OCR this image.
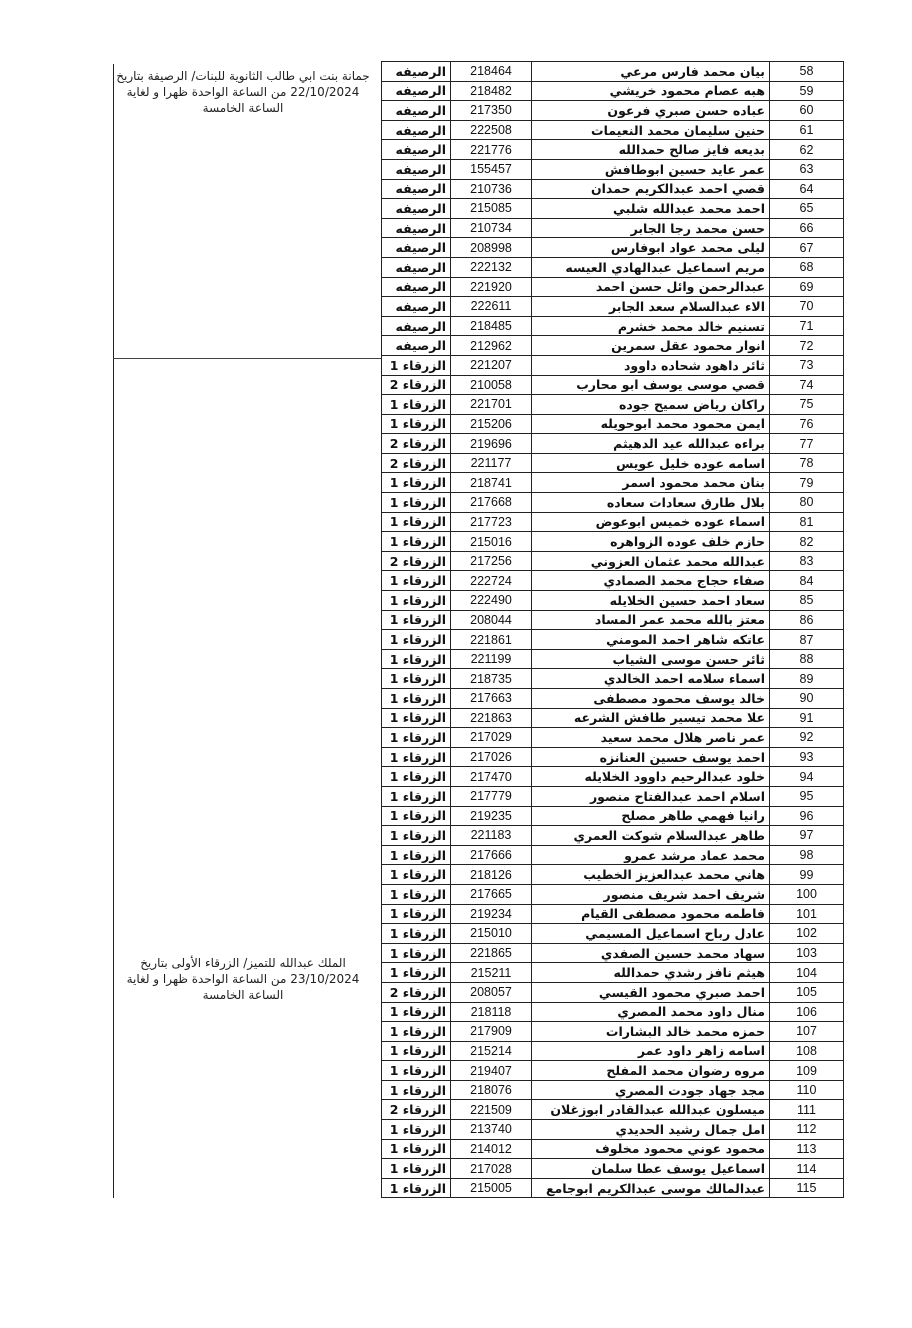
جمانة بنت ابي طالب الثانوية للبنات/ الرصيفة بتاريخ
22/10/2024 من الساعة الواحدة ظهرا و لغاية
الساعة الخامسة
الملك عبدالله للتميز/ الزرقاء الأولى بتاريخ
23/10/2024 من الساعة الواحدة ظهرا و لغاية
الساعة الخامسة
الرصيفه	218464	بيان محمد فارس مرعي	58
الرصيفه	218482	هبه عصام محمود خريشي	59
الرصيفه	217350	عباده حسن صبري فرعون	60
الرصيفه	222508	حنين سليمان محمد النعيمات	61
الرصيفه	221776	بديعه فايز صالح حمدالله	62
الرصيفه	155457	عمر عايد حسين ابوطافش	63
الرصيفه	210736	قصي احمد عبدالكريم حمدان	64
الرصيفه	215085	احمد محمد عبدالله شلبي	65
الرصيفه	210734	حسن محمد رجا الجابر	66
الرصيفه	208998	ليلى محمد عواد ابوفارس	67
الرصيفه	222132	مريم اسماعيل عبدالهادي العيسه	68
الرصيفه	221920	عبدالرحمن وائل حسن احمد	69
الرصيفه	222611	الاء عبدالسلام سعد الجابر	70
الرصيفه	218485	تسنيم خالد محمد خشرم	71
الرصيفه	212962	انوار محمود عقل سمرين	72
الزرقاء 1	221207	ثائر داهود شحاده داوود	73
الزرقاء 2	210058	قصي موسى يوسف ابو محارب	74
الزرقاء 1	221701	راكان رياض سميح جوده	75
الزرقاء 1	215206	ايمن محمود محمد ابوحويله	76
الزرقاء 2	219696	براءه عبدالله عيد الدهيثم	77
الزرقاء 2	221177	اسامه عوده خليل عويس	78
الزرقاء 1	218741	بنان محمد محمود اسمر	79
الزرقاء 1	217668	بلال طارق سعادات سعاده	80
الزرقاء 1	217723	اسماء عوده خميس ابوعوض	81
الزرقاء 1	215016	حازم خلف عوده الزواهره	82
الزرقاء 2	217256	عبدالله محمد عثمان العزوني	83
الزرقاء 1	222724	صفاء حجاج محمد الصمادي	84
الزرقاء 1	222490	سعاد احمد حسين الخلايله	85
الزرقاء 1	208044	معتز بالله محمد عمر المساد	86
الزرقاء 1	221861	عاتكه شاهر احمد المومني	87
الزرقاء 1	221199	ثائر حسن موسى الشياب	88
الزرقاء 1	218735	اسماء سلامه احمد الخالدي	89
الزرقاء 1	217663	خالد يوسف محمود مصطفى	90
الزرقاء 1	221863	علا محمد تيسير طافش الشرعه	91
الزرقاء 1	217029	عمر ناصر هلال محمد سعيد	92
الزرقاء 1	217026	احمد يوسف حسين العنانزه	93
الزرقاء 1	217470	خلود عبدالرحيم داوود الخلايله	94
الزرقاء 1	217779	اسلام احمد عبدالفتاح منصور	95
الزرقاء 1	219235	رانيا فهمي طاهر مصلح	96
الزرقاء 1	221183	طاهر عبدالسلام شوكت العمري	97
الزرقاء 1	217666	محمد عماد مرشد عمرو	98
الزرقاء 1	218126	هاني محمد عبدالعزيز الخطيب	99
الزرقاء 1	217665	شريف احمد شريف منصور	100
الزرقاء 1	219234	فاطمه محمود مصطفى القيام	101
الزرقاء 1	215010	عادل رباح اسماعيل المسيمي	102
الزرقاء 1	221865	سهاد محمد حسين الصفدي	103
الزرقاء 1	215211	هيثم نافز رشدي حمدالله	104
الزرقاء 2	208057	احمد صبري محمود القيسي	105
الزرقاء 1	218118	منال داود محمد المصري	106
الزرقاء 1	217909	حمزه محمد خالد البشارات	107
الزرقاء 1	215214	اسامه زاهر داود عمر	108
الزرقاء 1	219407	مروه رضوان محمد المفلح	109
الزرقاء 1	218076	مجد جهاد جودت المصري	110
الزرقاء 2	221509	ميسلون عبدالله عبدالقادر ابوزغلان	111
الزرقاء 1	213740	امل جمال رشيد الحديدي	112
الزرقاء 1	214012	محمود عوني محمود مخلوف	113
الزرقاء 1	217028	اسماعيل يوسف عطا سلمان	114
الزرقاء 1	215005	عبدالمالك موسى عبدالكريم ابوجامع	115
